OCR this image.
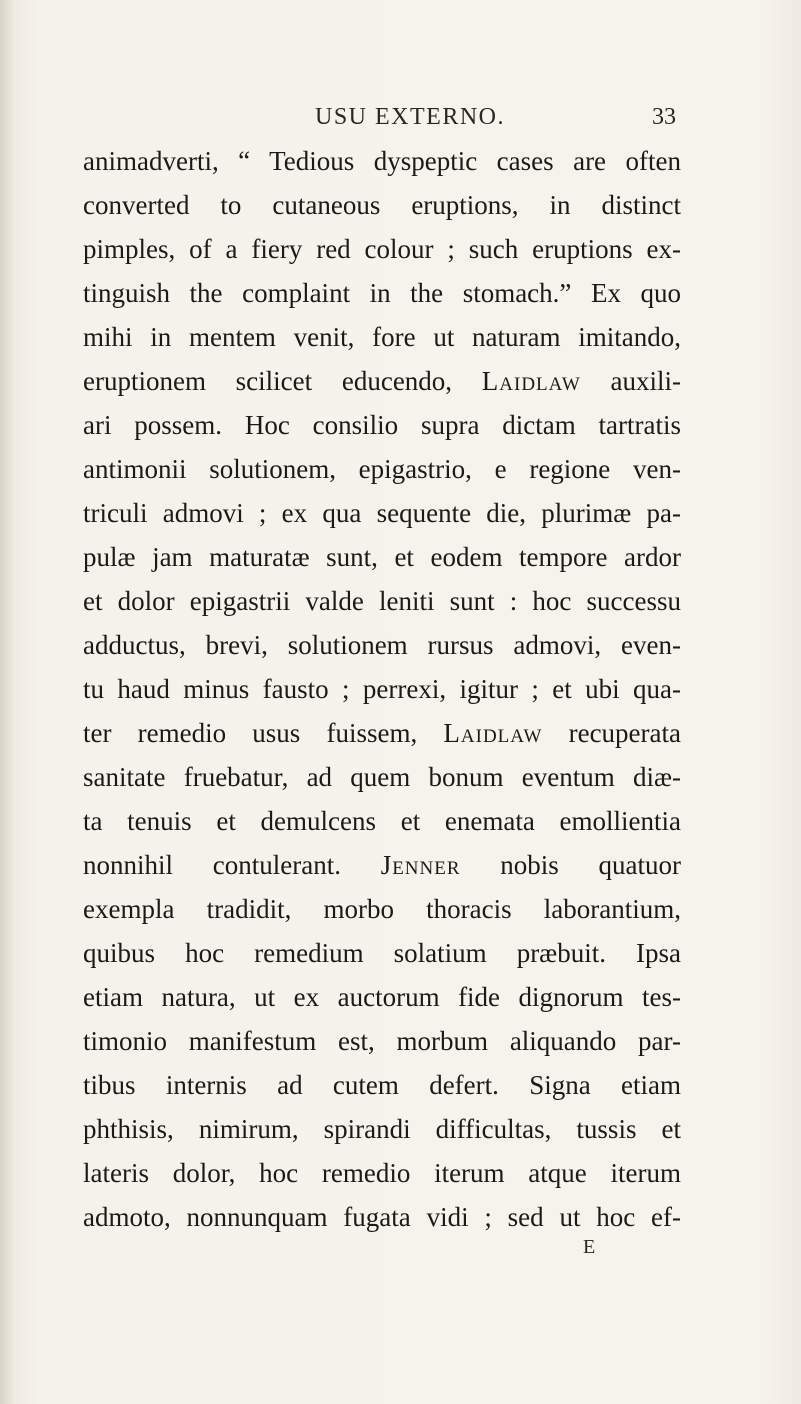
USU EXTERNO.	33
animadverti, “ Tedious dyspeptic cases are often
converted to cutaneous eruptions, in distinct
pimples, of a fiery red colour ; such eruptions ex-
tinguish the complaint in the stomach.” Ex quo
mihi in mentem venit, fore ut naturam imitando,
eruptionem scilicet educendo, Laidlaw auxili-
ari possem. Hoc consilio supra dictam tartratis
antimonii solutionem, epigastrio, e regione ven-
triculi admovi ; ex qua sequente die, plurimæ pa-
pulæ jam maturatæ sunt, et eodem tempore ardor
et dolor epigastrii valde leniti sunt : hoc successu
adductus, brevi, solutionem rursus admovi, even-
tu haud minus fausto ; perrexi, igitur ; et ubi qua-
ter remedio usus fuissem, Laidlaw recuperata
sanitate fruebatur, ad quem bonum eventum diæ-
ta tenuis et demulcens et enemata emollientia
nonnihil contulerant. Jenner nobis quatuor
exempla tradidit, morbo thoracis laborantium,
quibus hoc remedium solatium præbuit. Ipsa
etiam natura, ut ex auctorum fide dignorum tes-
timonio manifestum est, morbum aliquando par-
tibus internis ad cutem defert. Signa etiam
phthisis, nimirum, spirandi difficultas, tussis et
lateris dolor, hoc remedio iterum atque iterum
admoto, nonnunquam fugata vidi ; sed ut hoc ef-
E
